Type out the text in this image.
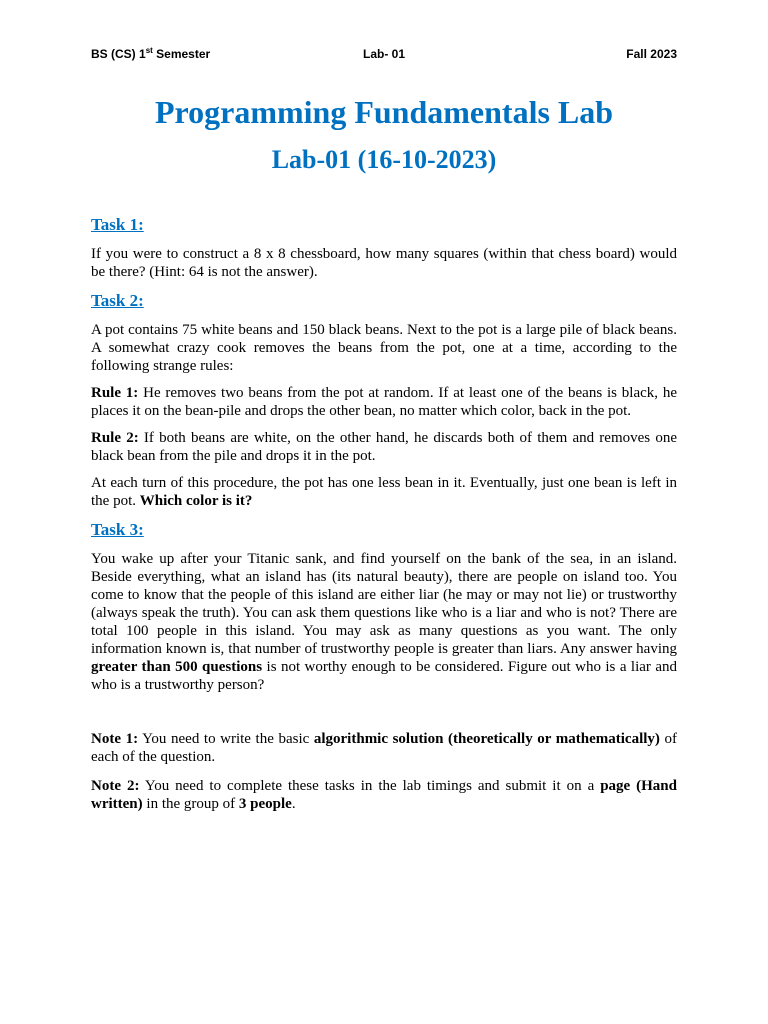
BS (CS) 1st Semester	Lab- 01	Fall 2023
Programming Fundamentals Lab
Lab-01 (16-10-2023)
Task 1:

If you were to construct a 8 x 8 chessboard, how many squares (within that chess board) would be there? (Hint: 64 is not the answer).

Task 2:

A pot contains 75 white beans and 150 black beans. Next to the pot is a large pile of black beans. A somewhat crazy cook removes the beans from the pot, one at a time, according to the following strange rules:

Rule 1: He removes two beans from the pot at random. If at least one of the beans is black, he places it on the bean-pile and drops the other bean, no matter which color, back in the pot.

Rule 2: If both beans are white, on the other hand, he discards both of them and removes one black bean from the pile and drops it in the pot.

At each turn of this procedure, the pot has one less bean in it. Eventually, just one bean is left in the pot. Which color is it?

Task 3:

You wake up after your Titanic sank, and find yourself on the bank of the sea, in an island. Beside everything, what an island has (its natural beauty), there are people on island too. You come to know that the people of this island are either liar (he may or may not lie) or trustworthy (always speak the truth). You can ask them questions like who is a liar and who is not? There are total 100 people in this island. You may ask as many questions as you want. The only information known is, that number of trustworthy people is greater than liars. Any answer having greater than 500 questions is not worthy enough to be considered. Figure out who is a liar and who is a trustworthy person?

Note 1: You need to write the basic algorithmic solution (theoretically or mathematically) of each of the question.

Note 2: You need to complete these tasks in the lab timings and submit it on a page (Hand written) in the group of 3 people.
